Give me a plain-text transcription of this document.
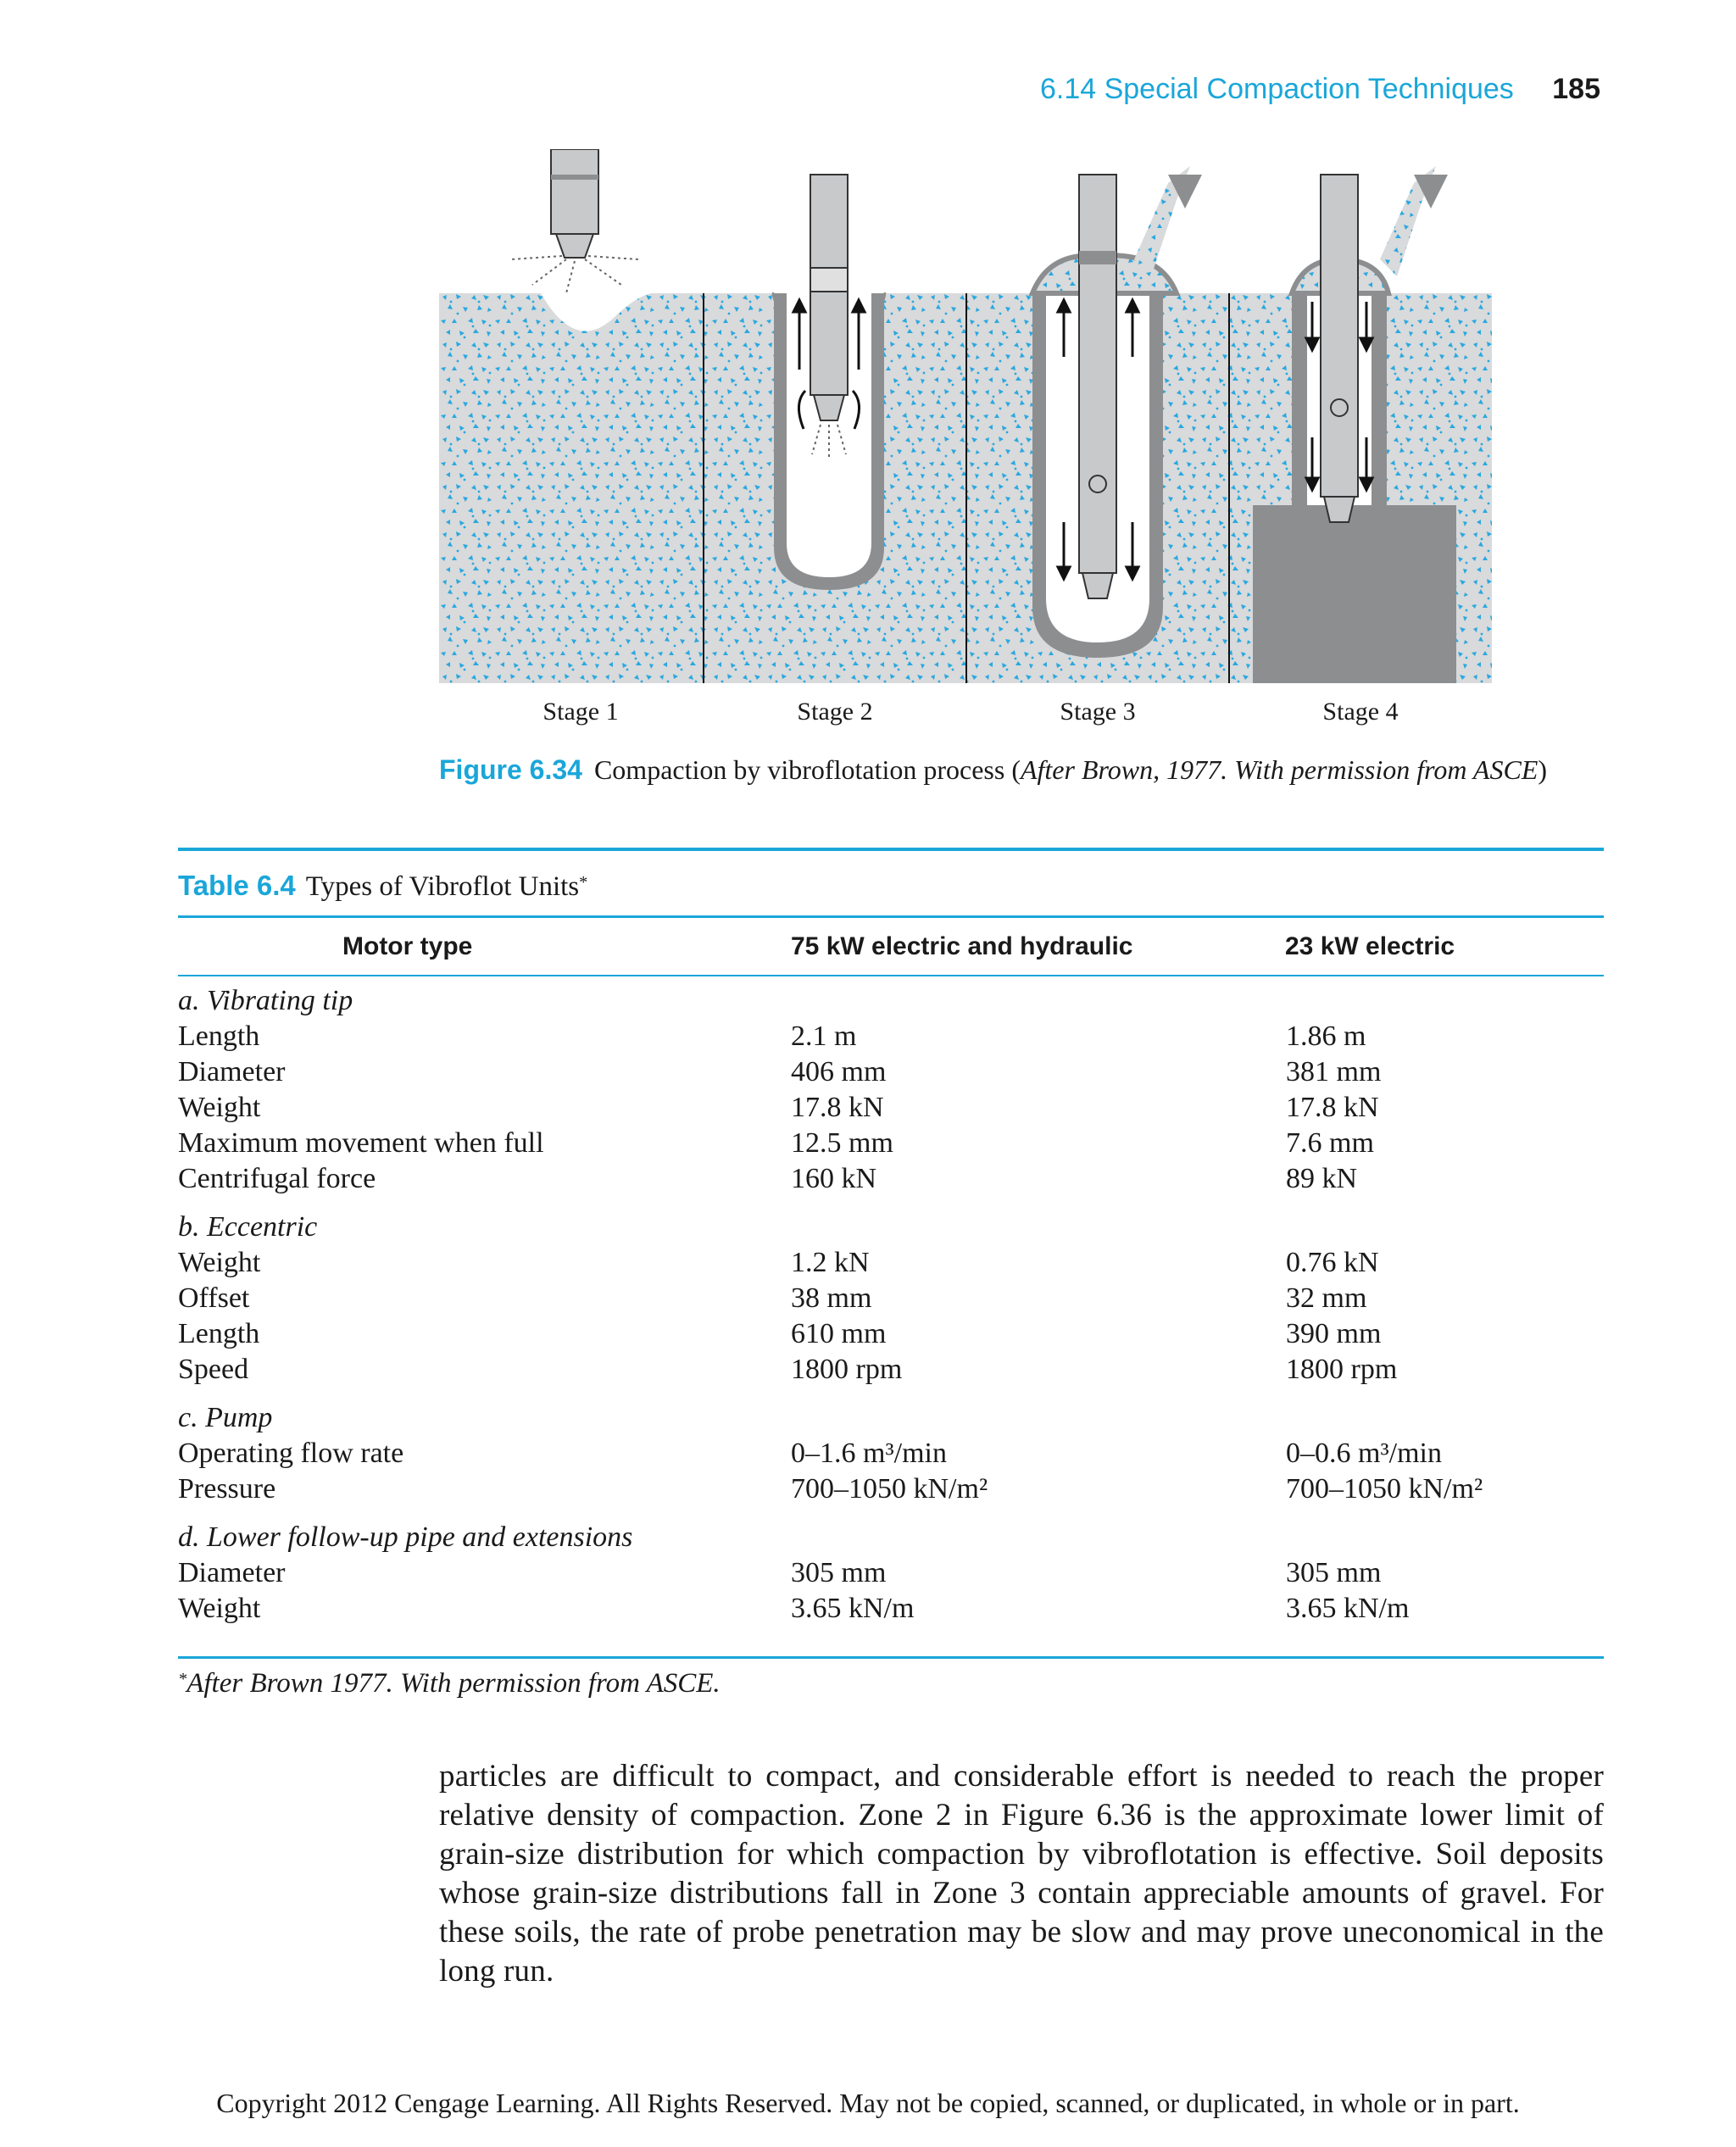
6.14 Special Compaction Techniques 185
Stage 1	Stage 2	Stage 3	Stage 4
Figure 6.34 Compaction by vibroflotation process (After Brown, 1977. With permission from ASCE)
Table 6.4 Types of Vibroflot Units*
Motor type	75 kW electric and hydraulic	23 kW electric
a. Vibrating tip
Length	2.1 m	1.86 m
Diameter	406 mm	381 mm
Weight	17.8 kN	17.8 kN
Maximum movement when full	12.5 mm	7.6 mm
Centrifugal force	160 kN	89 kN
b. Eccentric
Weight	1.2 kN	0.76 kN
Offset	38 mm	32 mm
Length	610 mm	390 mm
Speed	1800 rpm	1800 rpm
c. Pump
Operating flow rate	0–1.6 m³/min	0–0.6 m³/min
Pressure	700–1050 kN/m²	700–1050 kN/m²
d. Lower follow-up pipe and extensions
Diameter	305 mm	305 mm
Weight	3.65 kN/m	3.65 kN/m
*After Brown 1977. With permission from ASCE.
particles are difficult to compact, and considerable effort is needed to reach the proper relative density of compaction. Zone 2 in Figure 6.36 is the approximate lower limit of grain-size distribution for which compaction by vibroflotation is effective. Soil deposits whose grain-size distributions fall in Zone 3 contain appreciable amounts of gravel. For these soils, the rate of probe penetration may be slow and may prove uneconomical in the long run.
Copyright 2012 Cengage Learning. All Rights Reserved. May not be copied, scanned, or duplicated, in whole or in part.
